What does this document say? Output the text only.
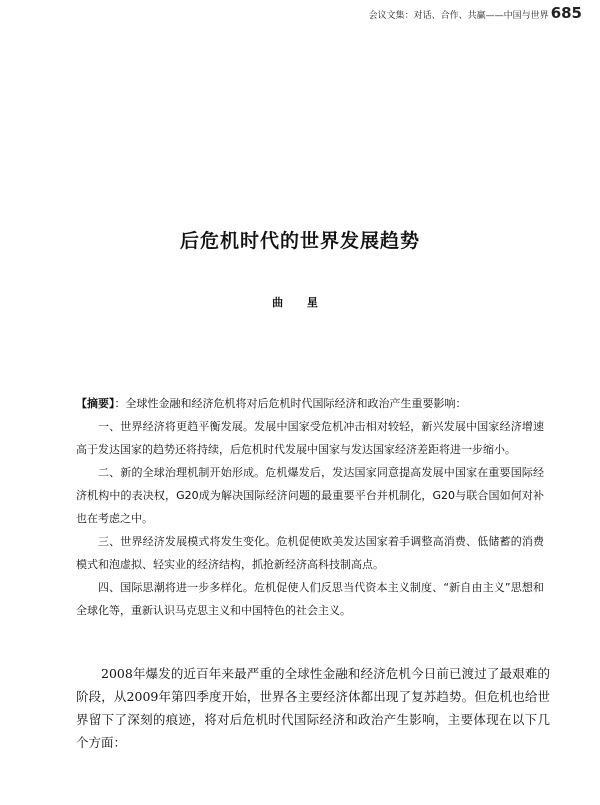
会议文集：对话、合作、共赢——中国与世界 685
后危机时代的世界发展趋势
曲 星

【摘要】：全球性金融和经济危机将对后危机时代国际经济和政治产生重要影响：

一、世界经济将更趋平衡发展。发展中国家受危机冲击相对较轻，新兴发展中国家经济增速高于发达国家的趋势还将持续，后危机时代发展中国家与发达国家经济差距将进一步缩小。

二、新的全球治理机制开始形成。危机爆发后，发达国家同意提高发展中国家在重要国际经济机构中的表决权，G20成为解决国际经济问题的最重要平台并机制化，G20与联合国如何对补也在考虑之中。

三、世界经济发展模式将发生变化。危机促使欧美发达国家着手调整高消费、低储蓄的消费模式和泡虚拟、轻实业的经济结构，抓抢新经济高科技制高点。

四、国际思潮将进一步多样化。危机促使人们反思当代资本主义制度、“新自由主义”思想和全球化等，重新认识马克思主义和中国特色的社会主义。

2008年爆发的近百年来最严重的全球性金融和经济危机今日前已渡过了最艰难的阶段，从2009年第四季度开始，世界各主要经济体都出现了复苏趋势。但危机也给世界留下了深刻的痕迹，将对后危机时代国际经济和政治产生影响，主要体现在以下几个方面：
